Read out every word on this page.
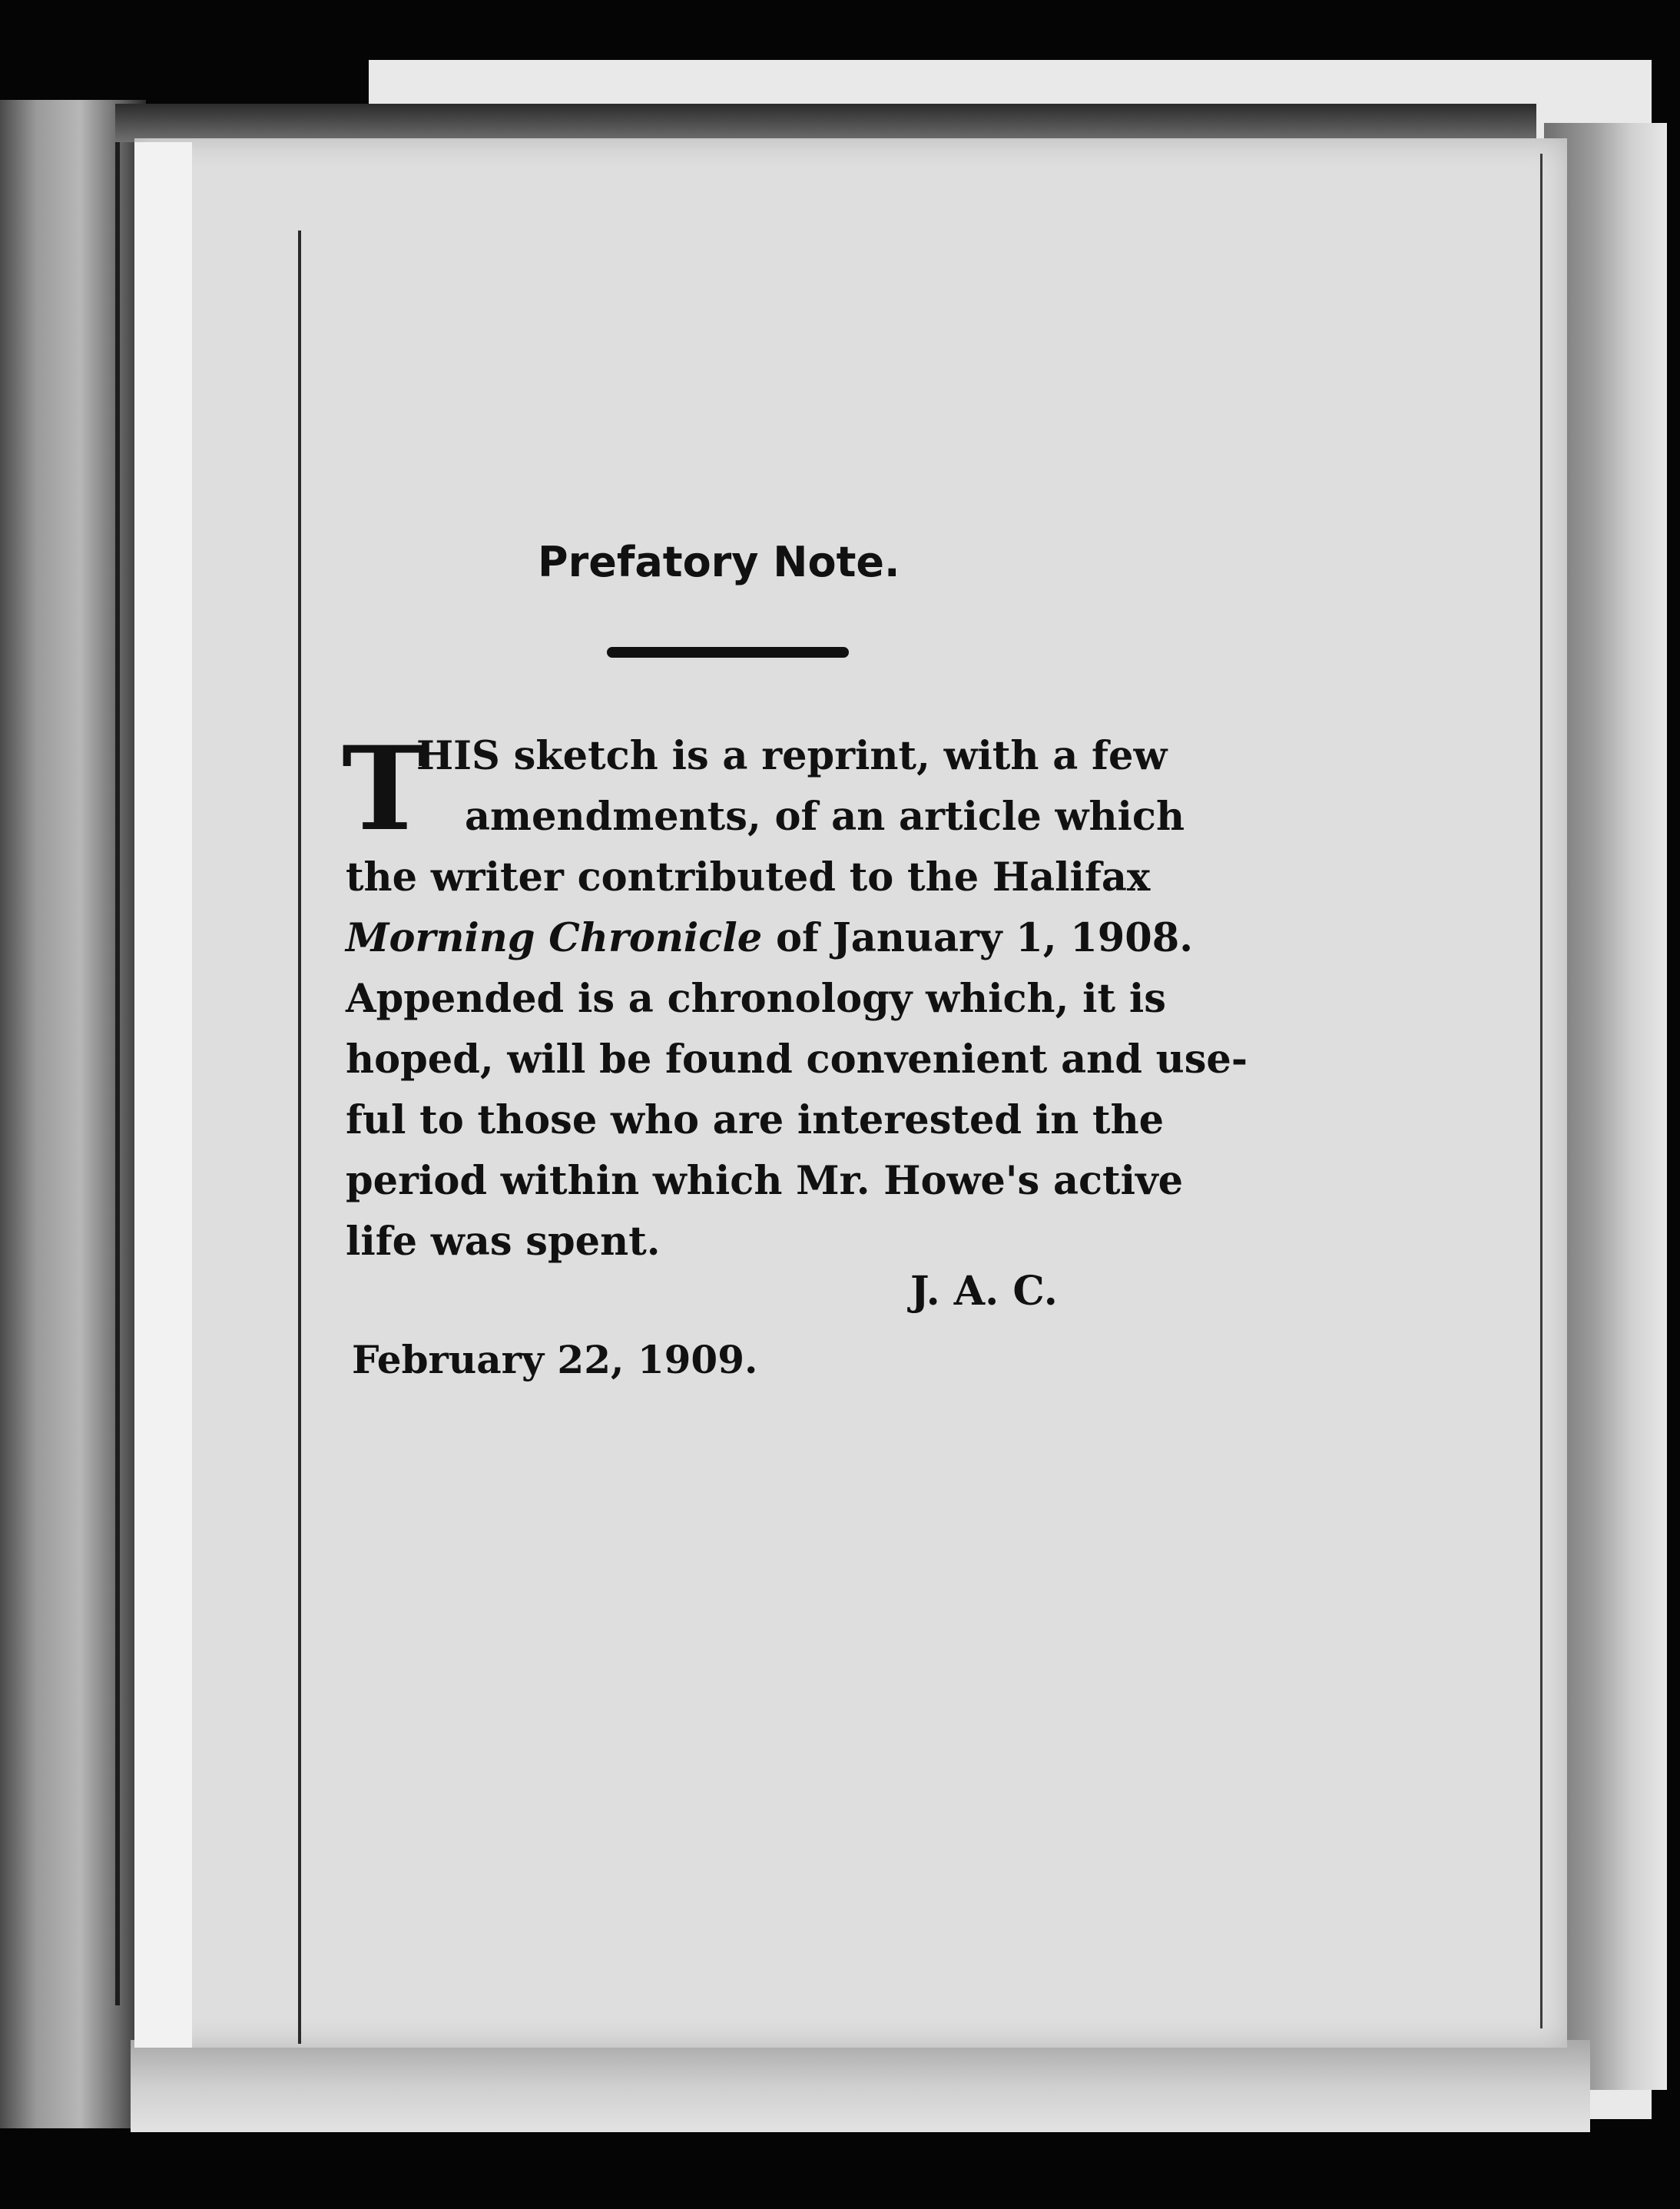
Prefatory Note.
T
HIS sketch is a reprint, with a few
amendments, of an article which
the writer contributed to the Halifax
Morning Chronicle of January 1, 1908.
Appended is a chronology which, it is
hoped, will be found convenient and use-
ful to those who are interested in the
period within which Mr. Howe's active
life was spent.
J. A. C.
February 22, 1909.
